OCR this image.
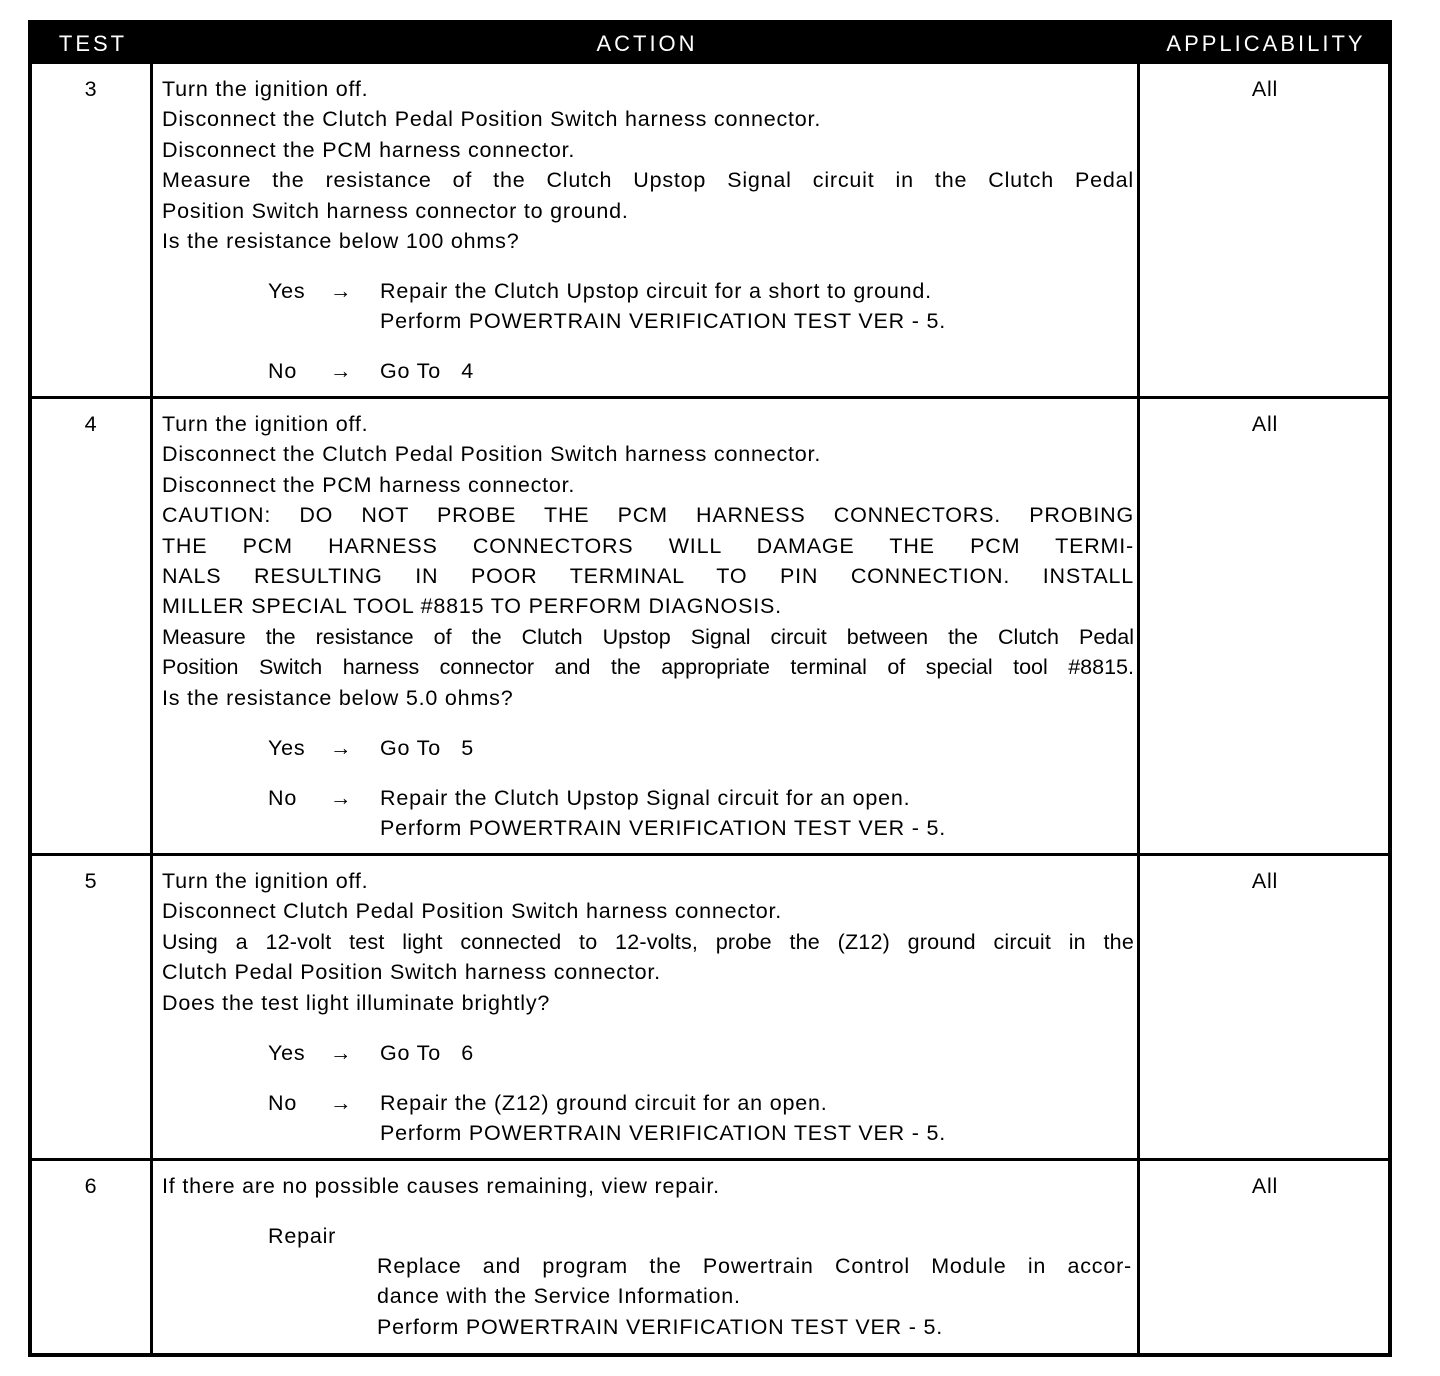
TEST	ACTION	APPLICABILITY
3	Turn the ignition off.
Disconnect the Clutch Pedal Position Switch harness connector.
Disconnect the PCM harness connector.
Measure the resistance of the Clutch Upstop Signal circuit in the Clutch Pedal
Position Switch harness connector to ground.
Is the resistance below 100 ohms?
Yes → Repair the Clutch Upstop circuit for a short to ground.
Perform POWERTRAIN VERIFICATION TEST VER - 5.
No → Go To   4
All
4	Turn the ignition off.
Disconnect the Clutch Pedal Position Switch harness connector.
Disconnect the PCM harness connector.
CAUTION: DO NOT PROBE THE PCM HARNESS CONNECTORS. PROBING
THE PCM HARNESS CONNECTORS WILL DAMAGE THE PCM TERMI-
NALS RESULTING IN POOR TERMINAL TO PIN CONNECTION. INSTALL
MILLER SPECIAL TOOL #8815 TO PERFORM DIAGNOSIS.
Measure the resistance of the Clutch Upstop Signal circuit between the Clutch Pedal
Position Switch harness connector and the appropriate terminal of special tool #8815.
Is the resistance below 5.0 ohms?
Yes → Go To   5
No → Repair the Clutch Upstop Signal circuit for an open.
Perform POWERTRAIN VERIFICATION TEST VER - 5.
All
5	Turn the ignition off.
Disconnect Clutch Pedal Position Switch harness connector.
Using a 12-volt test light connected to 12-volts, probe the (Z12) ground circuit in the
Clutch Pedal Position Switch harness connector.
Does the test light illuminate brightly?
Yes → Go To   6
No → Repair the (Z12) ground circuit for an open.
Perform POWERTRAIN VERIFICATION TEST VER - 5.
All
6	If there are no possible causes remaining, view repair.
Repair
Replace and program the Powertrain Control Module in accor-
dance with the Service Information.
Perform POWERTRAIN VERIFICATION TEST VER - 5.
All
